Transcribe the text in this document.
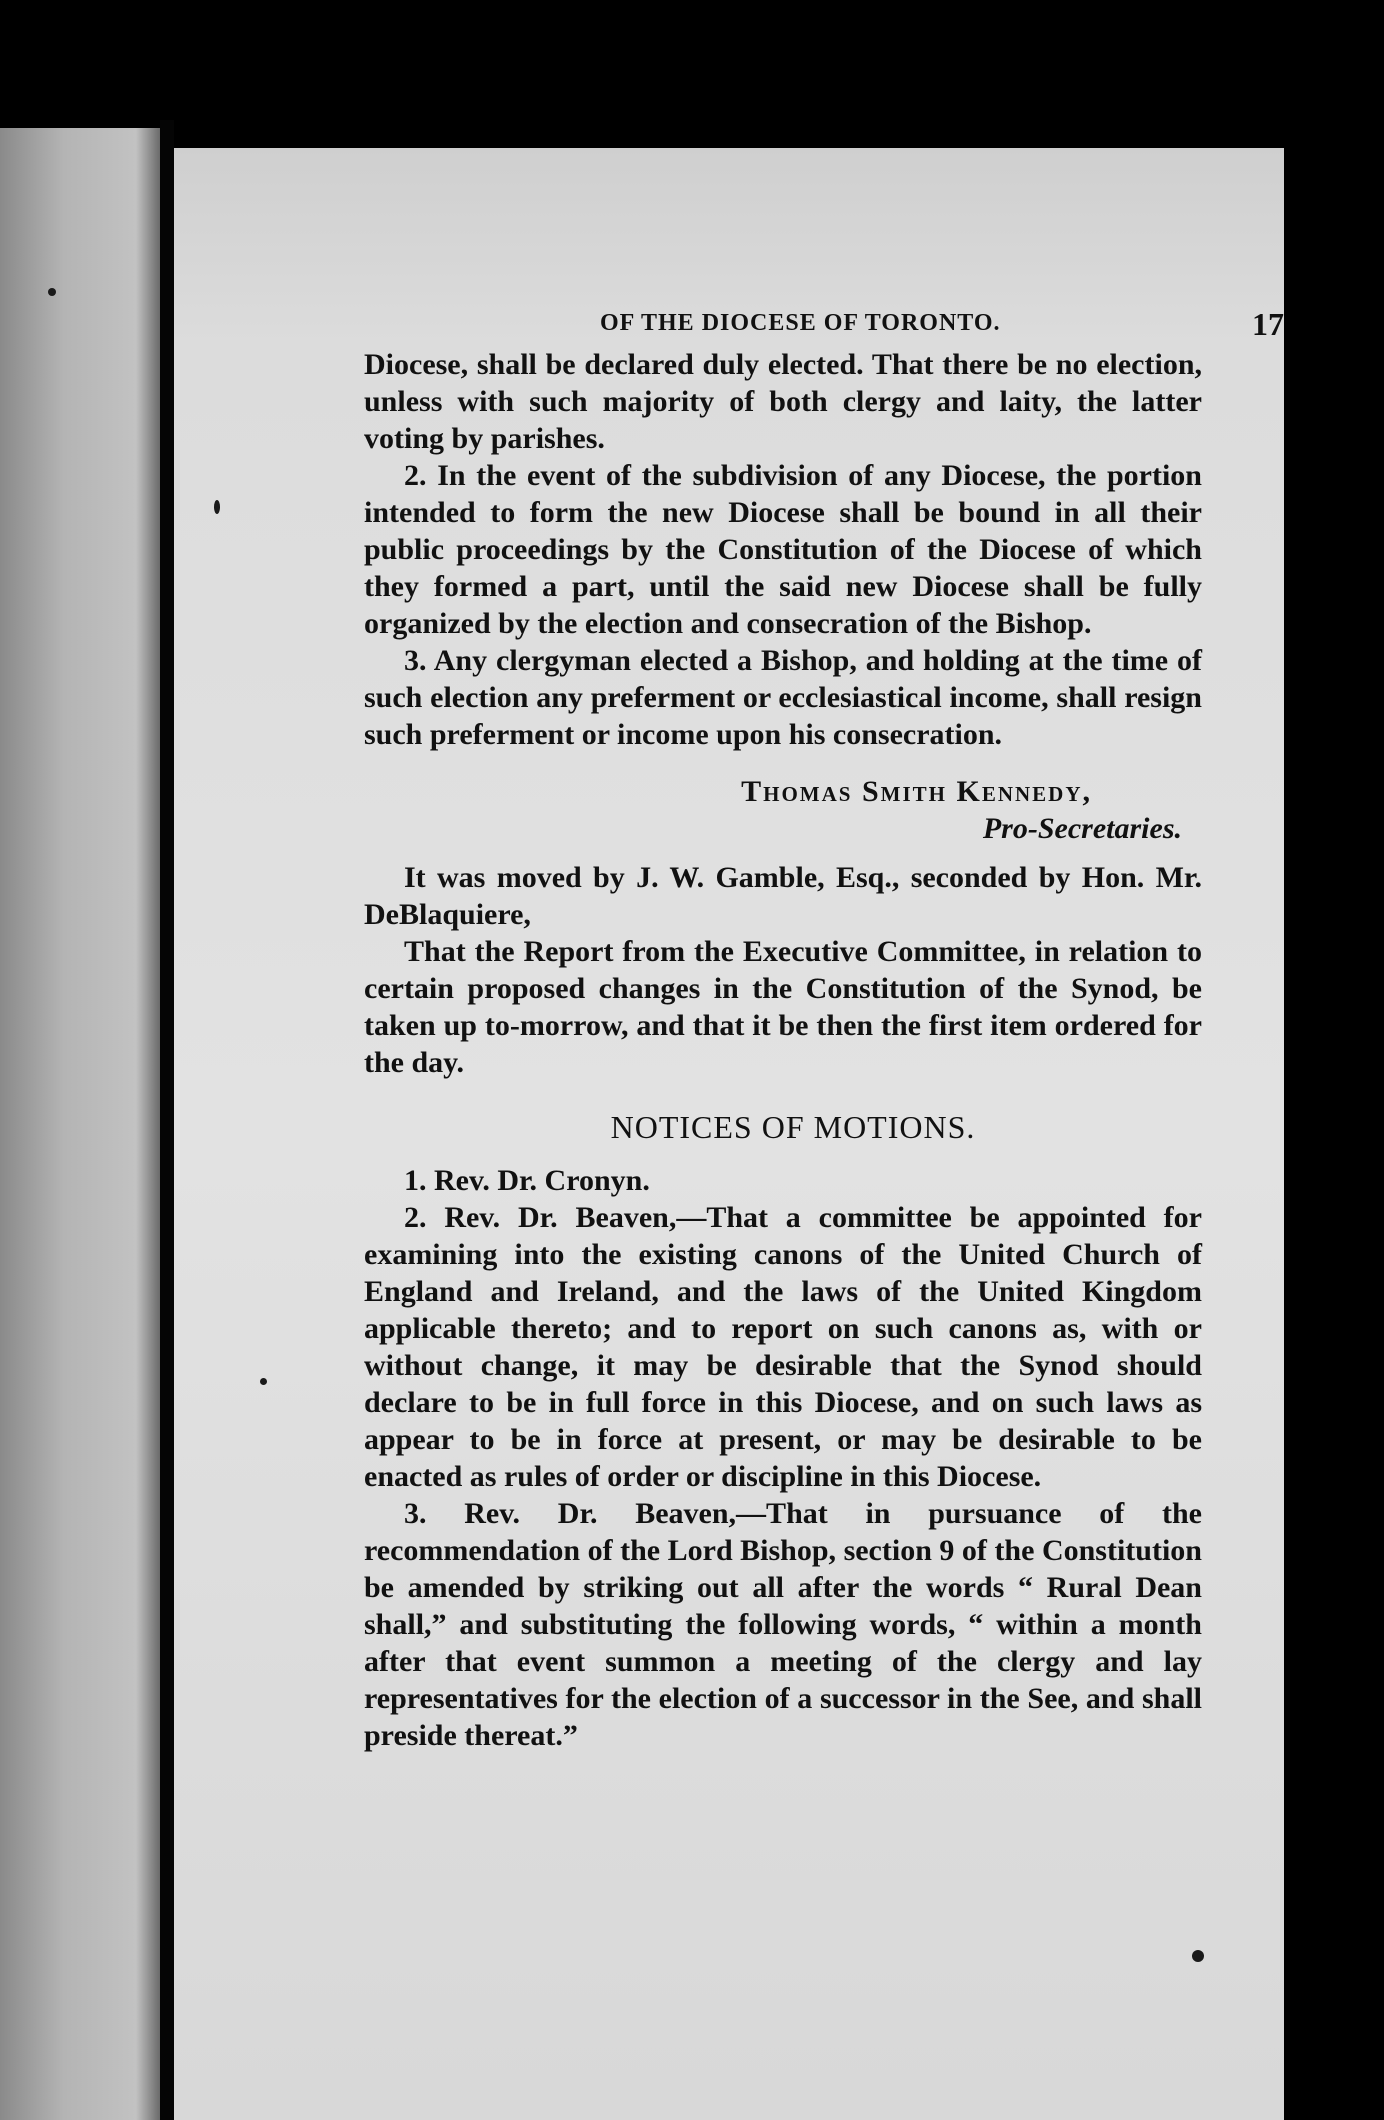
OF THE DIOCESE OF TORONTO.	17

Diocese, shall be declared duly elected. That there be no election, unless with such majority of both clergy and laity, the latter voting by parishes.

2. In the event of the subdivision of any Diocese, the portion intended to form the new Diocese shall be bound in all their public proceedings by the Constitution of the Diocese of which they formed a part, until the said new Diocese shall be fully organized by the election and consecration of the Bishop.

3. Any clergyman elected a Bishop, and holding at the time of such election any preferment or ecclesiastical income, shall resign such preferment or income upon his consecration.

Thomas Smith Kennedy,
Pro-Secretaries.

It was moved by J. W. Gamble, Esq., seconded by Hon. Mr. DeBlaquiere,

That the Report from the Executive Committee, in relation to certain proposed changes in the Constitution of the Synod, be taken up to-morrow, and that it be then the first item ordered for the day.

NOTICES OF MOTIONS.

1. Rev. Dr. Cronyn.

2. Rev. Dr. Beaven,—That a committee be appointed for examining into the existing canons of the United Church of England and Ireland, and the laws of the United Kingdom applicable thereto; and to report on such canons as, with or without change, it may be desirable that the Synod should declare to be in full force in this Diocese, and on such laws as appear to be in force at present, or may be desirable to be enacted as rules of order or discipline in this Diocese.

3. Rev. Dr. Beaven,—That in pursuance of the recommendation of the Lord Bishop, section 9 of the Constitution be amended by striking out all after the words “ Rural Dean shall,” and substituting the following words, “ within a month after that event summon a meeting of the clergy and lay representatives for the election of a successor in the See, and shall preside thereat.”
